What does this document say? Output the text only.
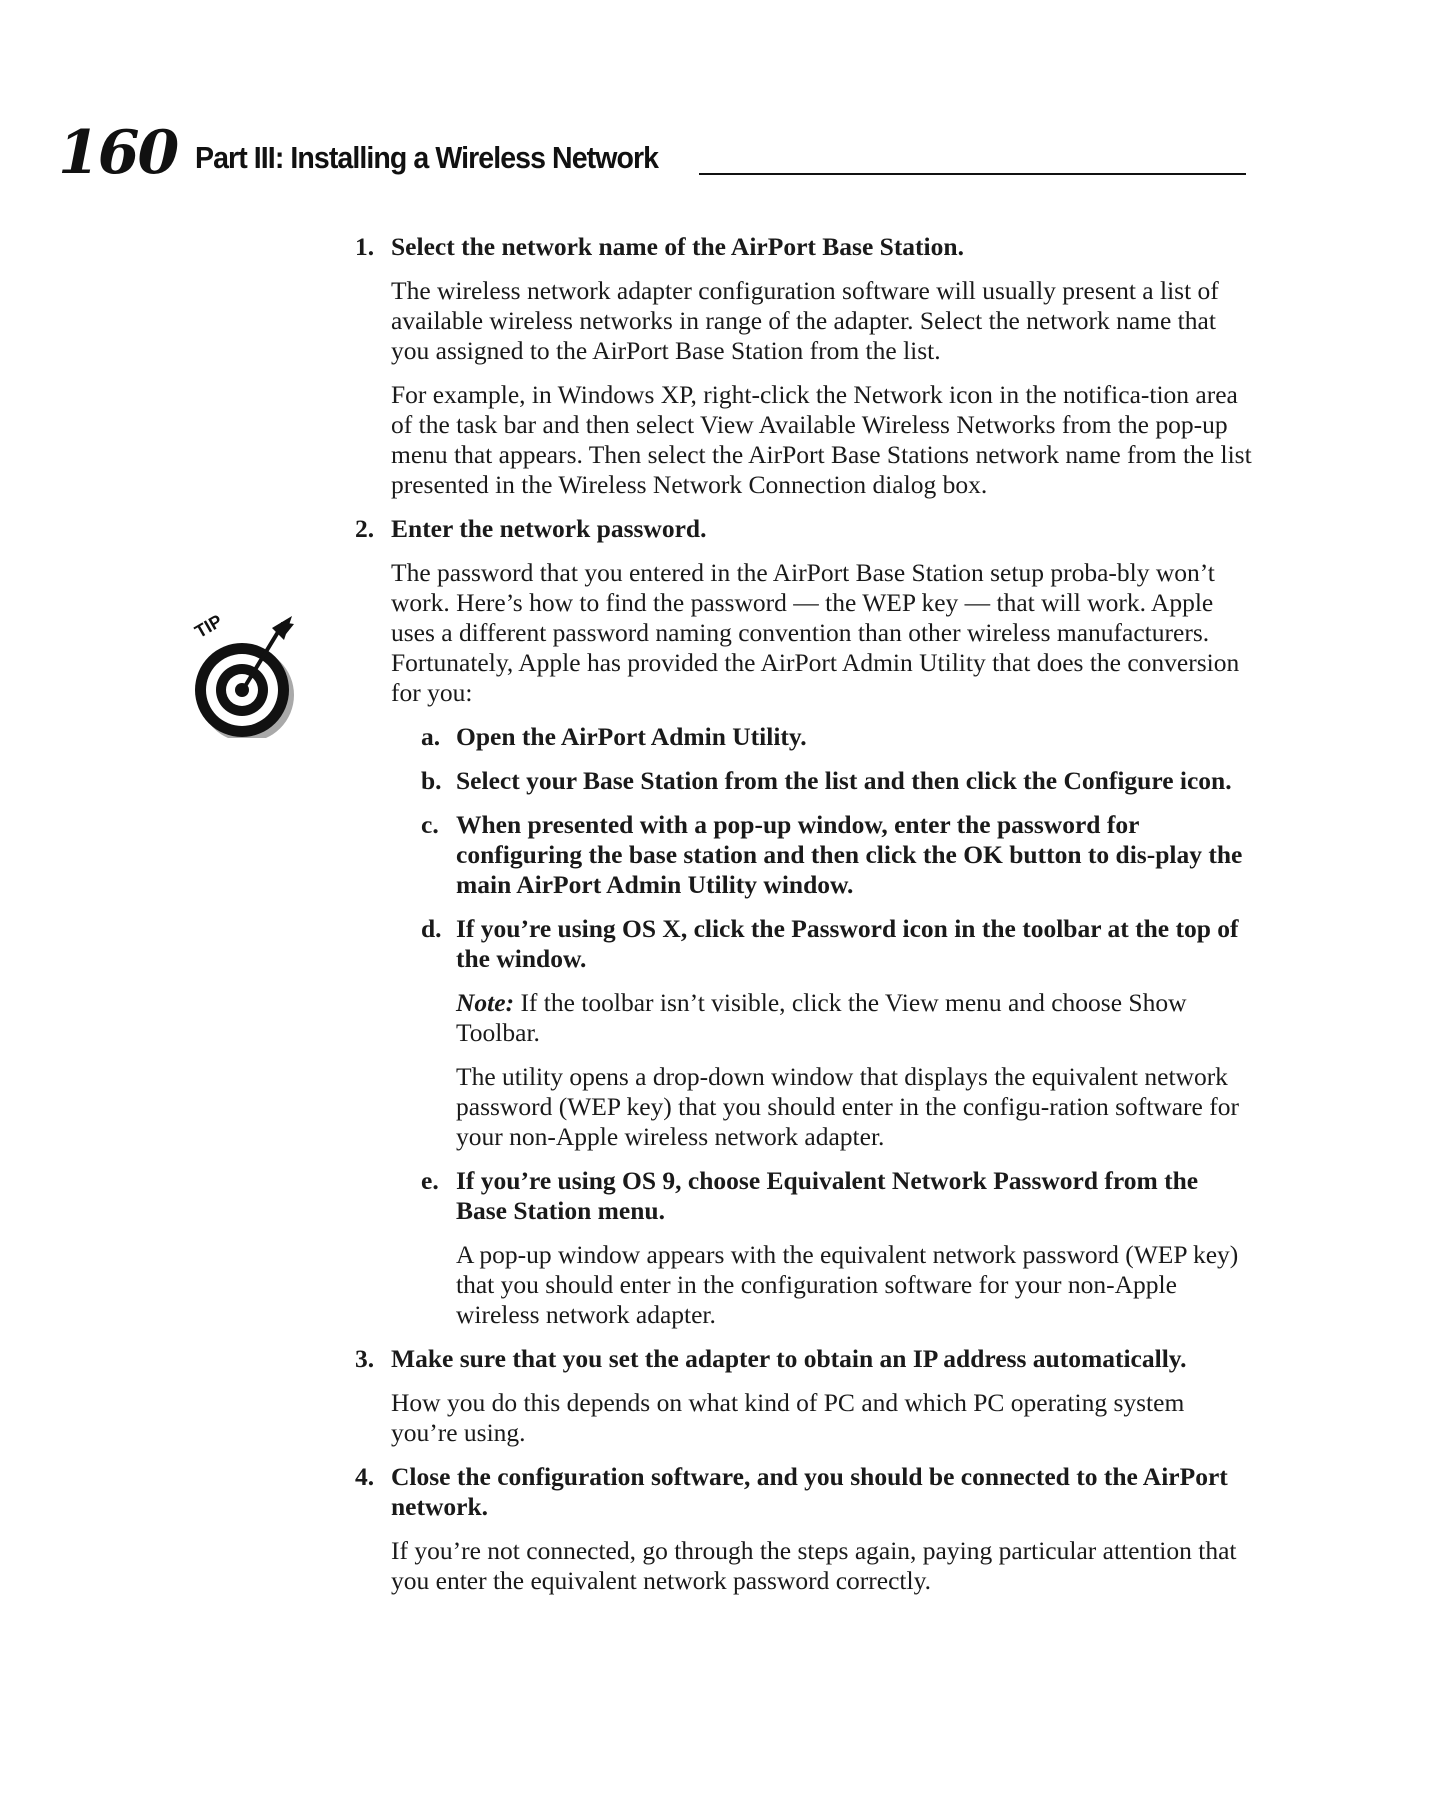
160 Part III: Installing a Wireless Network
TIP
1. Select the network name of the AirPort Base Station.

The wireless network adapter configuration software will usually present a list of available wireless networks in range of the adapter. Select the network name that you assigned to the AirPort Base Station from the list.

For example, in Windows XP, right-click the Network icon in the notifica-tion area of the task bar and then select View Available Wireless Networks from the pop-up menu that appears. Then select the AirPort Base Stations network name from the list presented in the Wireless Network Connection dialog box.

2. Enter the network password.

The password that you entered in the AirPort Base Station setup proba-bly won’t work. Here’s how to find the password — the WEP key — that will work. Apple uses a different password naming convention than other wireless manufacturers. Fortunately, Apple has provided the AirPort Admin Utility that does the conversion for you:

a. Open the AirPort Admin Utility.

b. Select your Base Station from the list and then click the Configure icon.

c. When presented with a pop-up window, enter the password for configuring the base station and then click the OK button to dis-play the main AirPort Admin Utility window.

d. If you’re using OS X, click the Password icon in the toolbar at the top of the window.

Note: If the toolbar isn’t visible, click the View menu and choose Show Toolbar.

The utility opens a drop-down window that displays the equivalent network password (WEP key) that you should enter in the configu-ration software for your non-Apple wireless network adapter.

e. If you’re using OS 9, choose Equivalent Network Password from the Base Station menu.

A pop-up window appears with the equivalent network password (WEP key) that you should enter in the configuration software for your non-Apple wireless network adapter.

3. Make sure that you set the adapter to obtain an IP address automatically.

How you do this depends on what kind of PC and which PC operating system you’re using.

4. Close the configuration software, and you should be connected to the AirPort network.

If you’re not connected, go through the steps again, paying particular attention that you enter the equivalent network password correctly.
